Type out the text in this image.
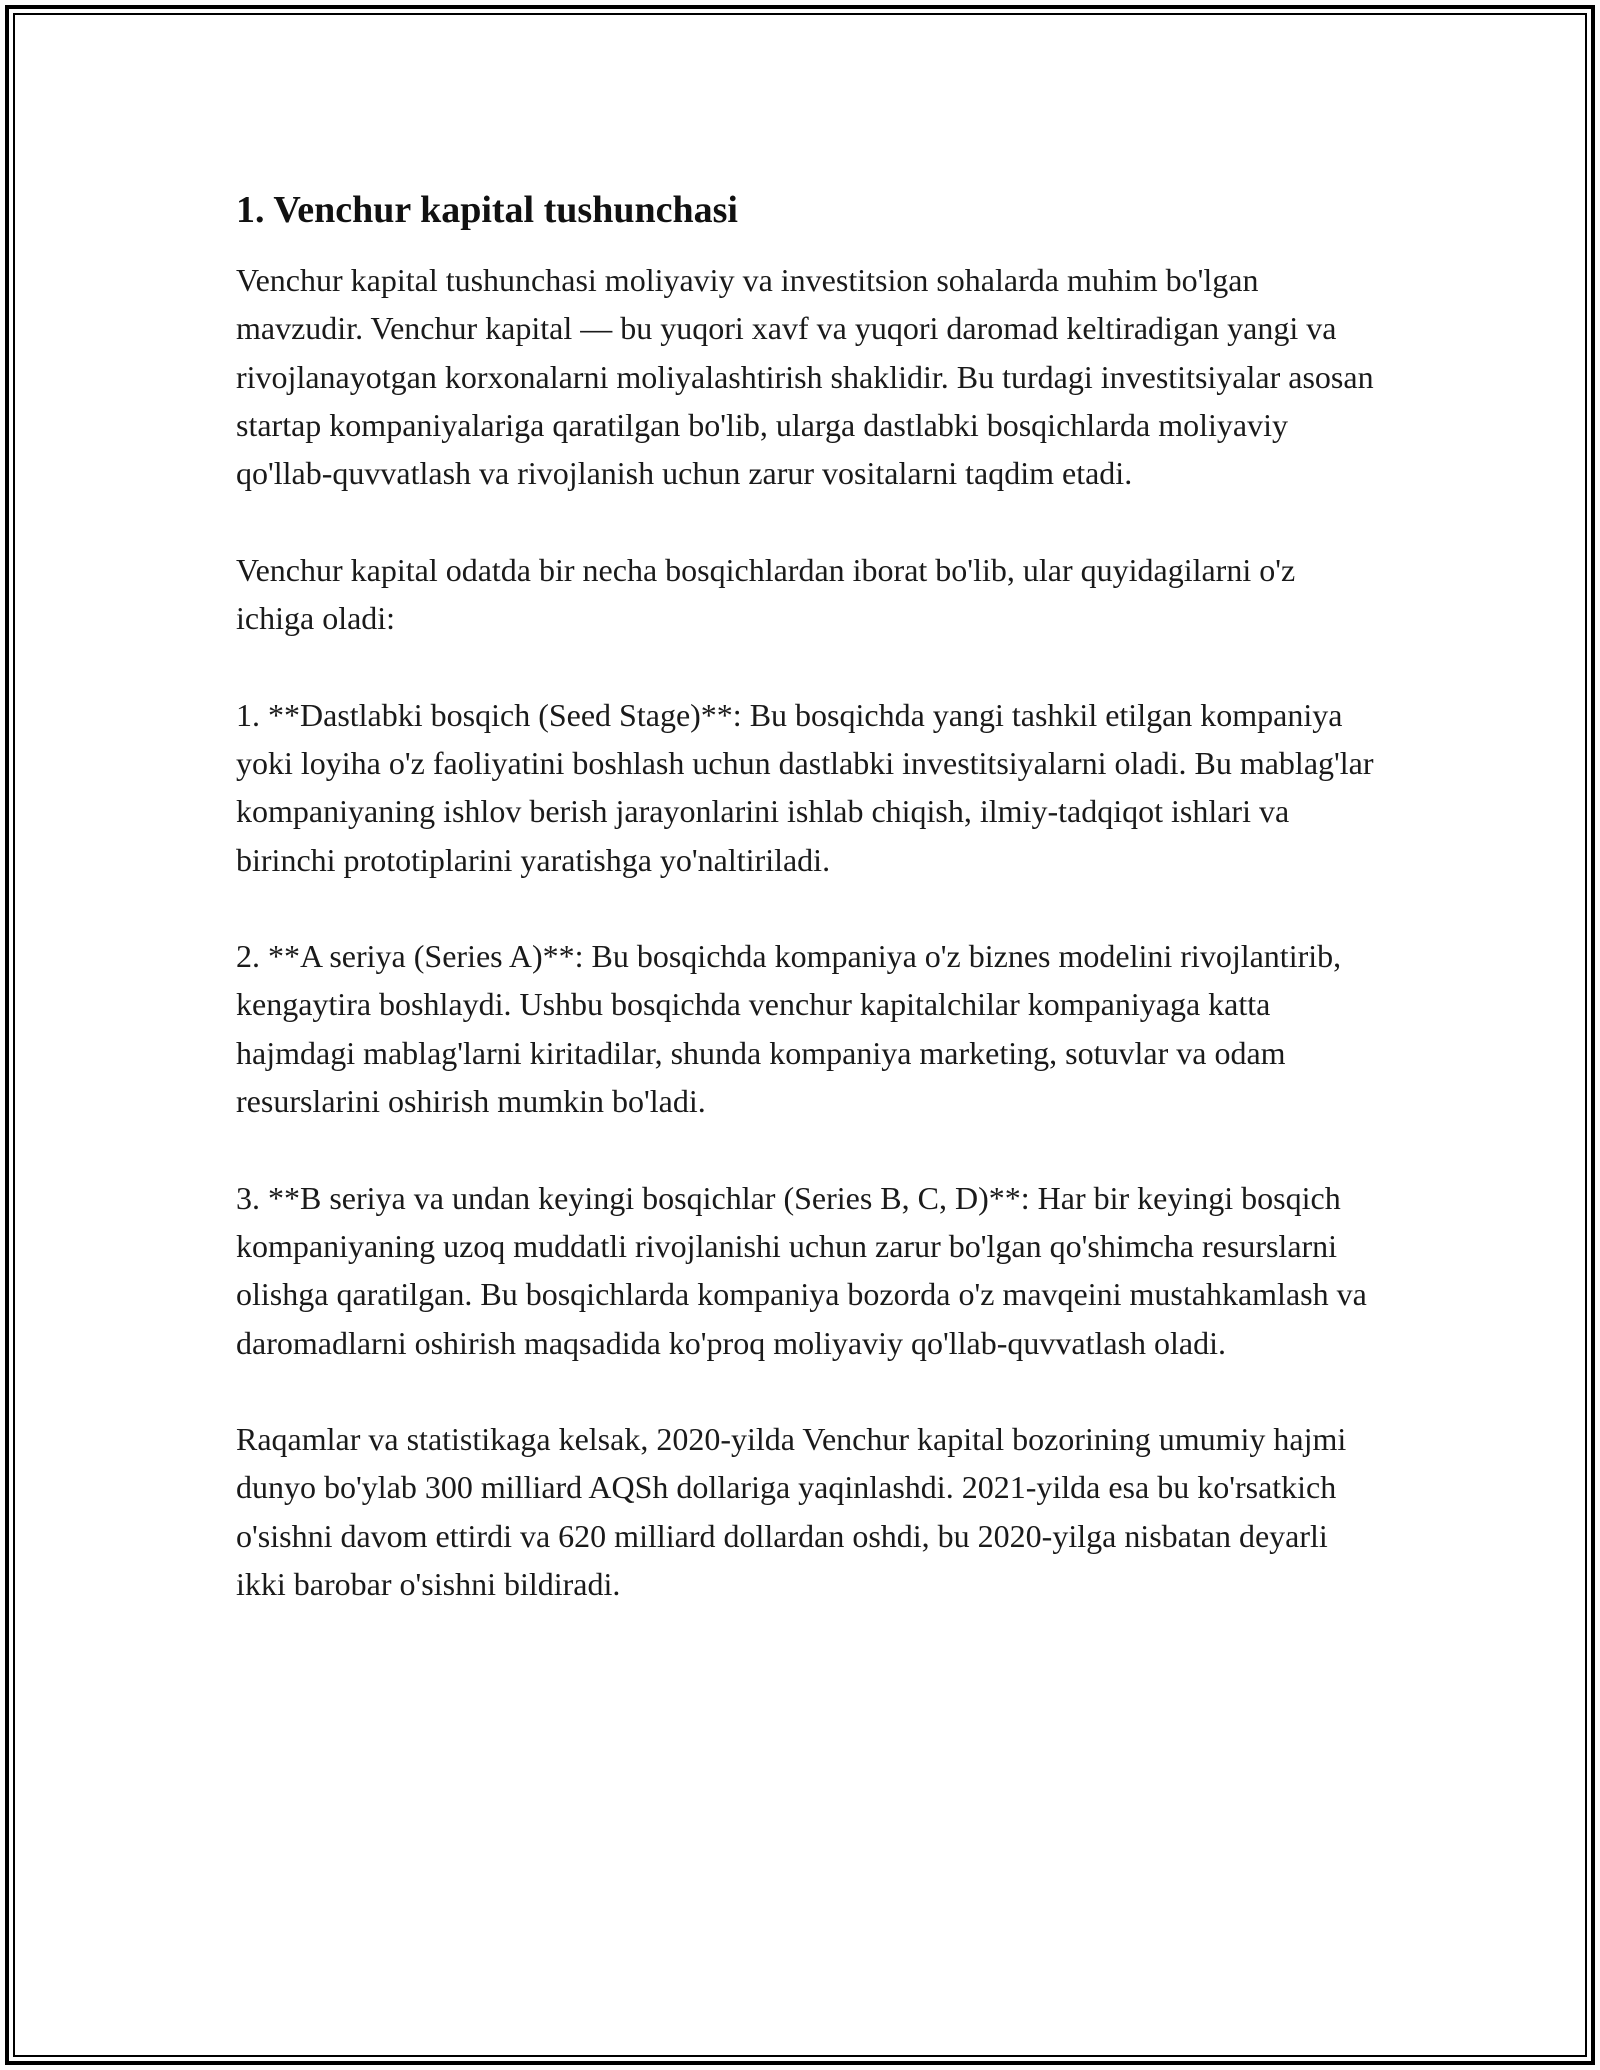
1. Venchur kapital tushunchasi

Venchur kapital tushunchasi moliyaviy va investitsion sohalarda muhim bo'lgan mavzudir. Venchur kapital — bu yuqori xavf va yuqori daromad keltiradigan yangi va rivojlanayotgan korxonalarni moliyalashtirish shaklidir. Bu turdagi investitsiyalar asosan startap kompaniyalariga qaratilgan bo'lib, ularga dastlabki bosqichlarda moliyaviy qo'llab-quvvatlash va rivojlanish uchun zarur vositalarni taqdim etadi.

Venchur kapital odatda bir necha bosqichlardan iborat bo'lib, ular quyidagilarni o'z ichiga oladi:

1. **Dastlabki bosqich (Seed Stage)**: Bu bosqichda yangi tashkil etilgan kompaniya yoki loyiha o'z faoliyatini boshlash uchun dastlabki investitsiyalarni oladi. Bu mablag'lar kompaniyaning ishlov berish jarayonlarini ishlab chiqish, ilmiy-tadqiqot ishlari va birinchi prototiplarini yaratishga yo'naltiriladi.

2. **A seriya (Series A)**: Bu bosqichda kompaniya o'z biznes modelini rivojlantirib, kengaytira boshlaydi. Ushbu bosqichda venchur kapitalchilar kompaniyaga katta hajmdagi mablag'larni kiritadilar, shunda kompaniya marketing, sotuvlar va odam resurslarini oshirish mumkin bo'ladi.

3. **B seriya va undan keyingi bosqichlar (Series B, C, D)**: Har bir keyingi bosqich kompaniyaning uzoq muddatli rivojlanishi uchun zarur bo'lgan qo'shimcha resurslarni olishga qaratilgan. Bu bosqichlarda kompaniya bozorda o'z mavqeini mustahkamlash va daromadlarni oshirish maqsadida ko'proq moliyaviy qo'llab-quvvatlash oladi.

Raqamlar va statistikaga kelsak, 2020-yilda Venchur kapital bozorining umumiy hajmi dunyo bo'ylab 300 milliard AQSh dollariga yaqinlashdi. 2021-yilda esa bu ko'rsatkich o'sishni davom ettirdi va 620 milliard dollardan oshdi, bu 2020-yilga nisbatan deyarli ikki barobar o'sishni bildiradi.
